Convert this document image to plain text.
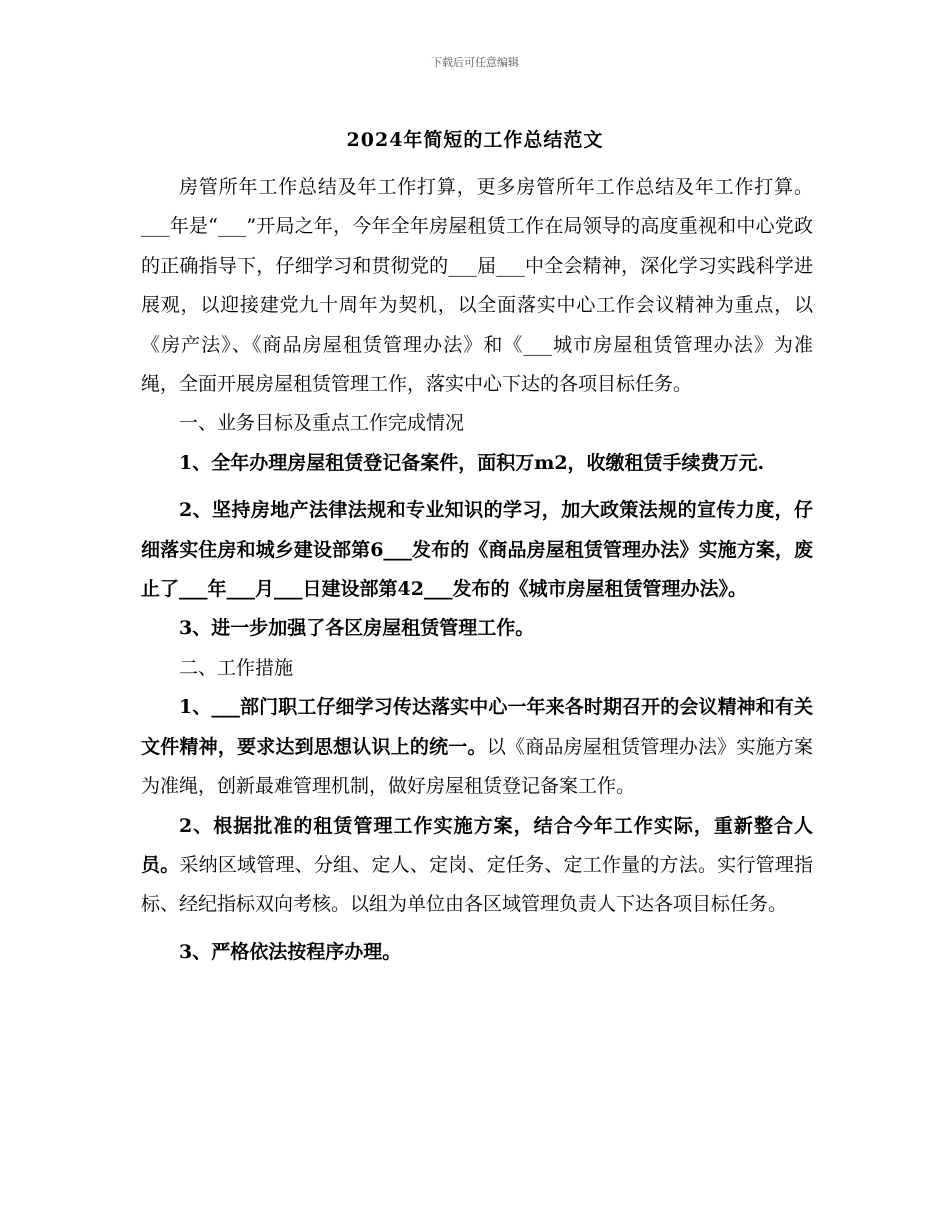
下载后可任意编辑
2024年简短的工作总结范文

房管所年工作总结及年工作打算，更多房管所年工作总结及年工作打算。___年是“___”开局之年，今年全年房屋租赁工作在局领导的高度重视和中心党政的正确指导下，仔细学习和贯彻党的___届___中全会精神，深化学习实践科学进展观，以迎接建党九十周年为契机，以全面落实中心工作会议精神为重点，以《房产法》、《商品房屋租赁管理办法》和《___城市房屋租赁管理办法》为准绳，全面开展房屋租赁管理工作，落实中心下达的各项目标任务。

一、业务目标及重点工作完成情况

1、全年办理房屋租赁登记备案件，面积万m2，收缴租赁手续费万元.

2、坚持房地产法律法规和专业知识的学习，加大政策法规的宣传力度，仔细落实住房和城乡建设部第6___发布的《商品房屋租赁管理办法》实施方案，废止了___年___月___日建设部第42___发布的《城市房屋租赁管理办法》。

3、进一步加强了各区房屋租赁管理工作。

二、工作措施

1、___部门职工仔细学习传达落实中心一年来各时期召开的会议精神和有关文件精神，要求达到思想认识上的统一。以《商品房屋租赁管理办法》实施方案为准绳，创新最难管理机制，做好房屋租赁登记备案工作。

2、根据批准的租赁管理工作实施方案，结合今年工作实际，重新整合人员。采纳区域管理、分组、定人、定岗、定任务、定工作量的方法。实行管理指标、经纪指标双向考核。以组为单位由各区域管理负责人下达各项目标任务。

3、严格依法按程序办理。
